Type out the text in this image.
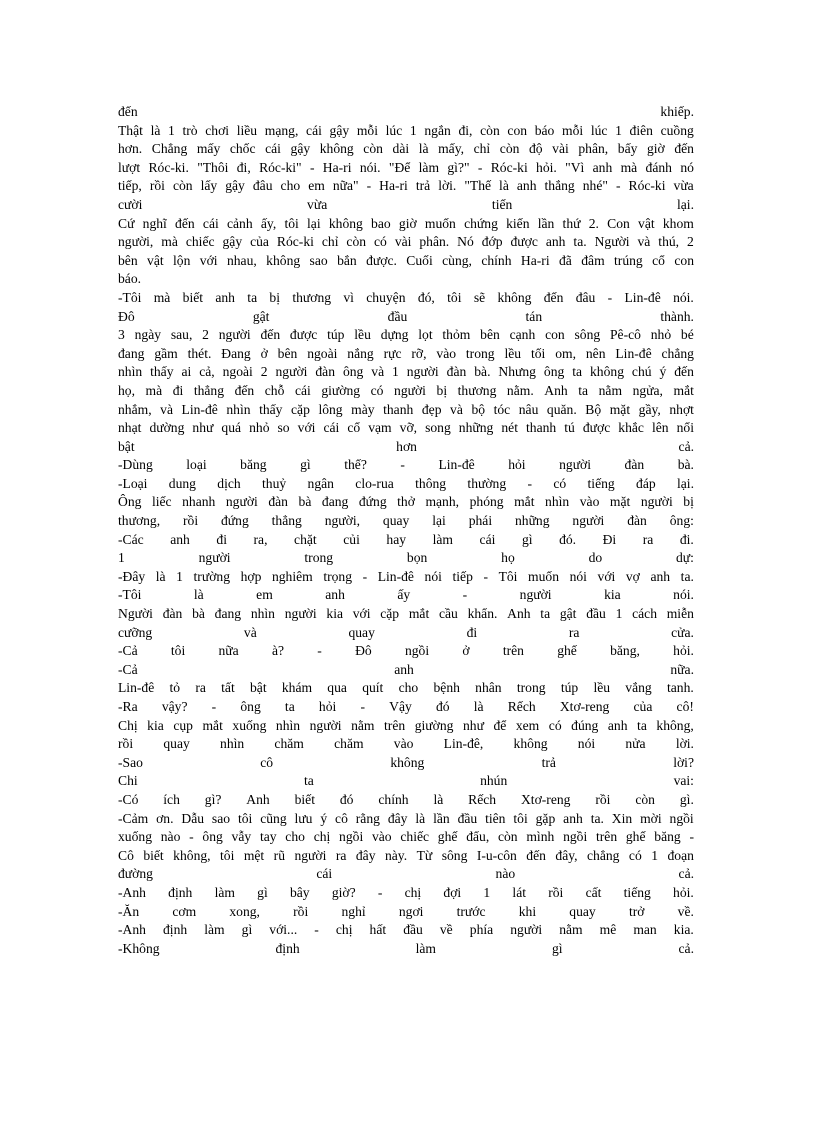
đến	khiếp.
Thật là 1 trò chơi liều mạng, cái gậy mỗi lúc 1 ngắn đi, còn con báo mỗi lúc 1 điên cuồng
hơn. Chẳng mấy chốc cái gậy không còn dài là mấy, chỉ còn độ vài phân, bấy giờ đến
lượt Róc-ki. "Thôi đi, Róc-ki" - Ha-ri nói. "Để làm gì?" - Róc-ki hỏi. "Vì anh mà đánh nó
tiếp, rồi còn lấy gậy đâu cho em nữa" - Ha-ri trả lời. "Thế là anh thắng nhé" - Róc-ki vừa
cười	vừa	tiến	lại.
Cứ nghĩ đến cái cảnh ấy, tôi lại không bao giờ muốn chứng kiến lần thứ 2. Con vật khom
người, mà chiếc gậy của Róc-ki chỉ còn có vài phân. Nó đớp được anh ta. Người và thú, 2
bên vật lộn với nhau, không sao bắn được. Cuối cùng, chính Ha-ri đã đâm trúng cổ con
báo.
-Tôi mà biết anh ta bị thương vì chuyện đó, tôi sẽ không đến đâu - Lin-đê nói.
Đô	gật	đầu	tán	thành.
3 ngày sau, 2 người đến được túp lều dựng lọt thỏm bên cạnh con sông Pê-cô nhỏ bé
đang gầm thét. Đang ở bên ngoài nắng rực rỡ, vào trong lều tối om, nên Lin-đê chẳng
nhìn thấy ai cả, ngoài 2 người đàn ông và 1 người đàn bà. Nhưng ông ta không chú ý đến
họ, mà đi thẳng đến chỗ cái giường có người bị thương nằm. Anh ta nằm ngửa, mắt
nhắm, và Lin-đê nhìn thấy cặp lông mày thanh đẹp và bộ tóc nâu quăn. Bộ mặt gầy, nhợt
nhạt dường như quá nhỏ so với cái cổ vạm vỡ, song những nét thanh tú được khắc lên nổi
bật	hơn	cả.
-Dùng loại băng gì thế? - Lin-đê hỏi người đàn bà.
-Loại dung dịch thuỷ ngân clo-rua thông thường - có tiếng đáp lại.
Ông liếc nhanh người đàn bà đang đứng thở mạnh, phóng mắt nhìn vào mặt người bị
thương, rồi đứng thẳng người, quay lại phái những người đàn ông:
-Các anh đi ra, chặt củi hay làm cái gì đó. Đi ra đi.
1	người	trong	bọn	họ	do	dự:
-Đây là 1 trường hợp nghiêm trọng - Lin-đê nói tiếp - Tôi muốn nói với vợ anh ta.
-Tôi	là	em	anh	ấy	-	người	kia	nói.
Người đàn bà đang nhìn người kia với cặp mắt cầu khẩn. Anh ta gật đầu 1 cách miễn
cưỡng	và	quay	đi	ra	cửa.
-Cả tôi nữa à? - Đô ngồi ở trên ghế băng, hỏi.
-Cả	anh	nữa.
Lin-đê tỏ ra tất bật khám qua quít cho bệnh nhân trong túp lều vắng tanh.
-Ra vậy? - ông ta hỏi - Vậy đó là Rếch Xtơ-reng của cô!
Chị kia cụp mắt xuống nhìn người nằm trên giường như để xem có đúng anh ta không,
rồi quay nhìn chăm chăm vào Lin-đê, không nói nửa lời.
-Sao	cô	không	trả	lời?
Chi	ta	nhún	vai:
-Có ích gì? Anh biết đó chính là Rếch Xtơ-reng rồi còn gì.
-Cảm ơn. Dẫu sao tôi cũng lưu ý cô rằng đây là lần đầu tiên tôi gặp anh ta. Xin mời ngồi
xuống nào - ông vẫy tay cho chị ngồi vào chiếc ghế đẩu, còn mình ngồi trên ghế băng -
Cô biết không, tôi mệt rũ người ra đây này. Từ sông I-u-côn đến đây, chẳng có 1 đoạn
đường	cái	nào	cả.
-Anh định làm gì bây giờ? - chị đợi 1 lát rồi cất tiếng hỏi.
-Ăn cơm xong, rồi nghỉ ngơi trước khi quay trở về.
-Anh định làm gì với... - chị hất đầu về phía người nằm mê man kia.
-Không	định	làm	gì	cả.
